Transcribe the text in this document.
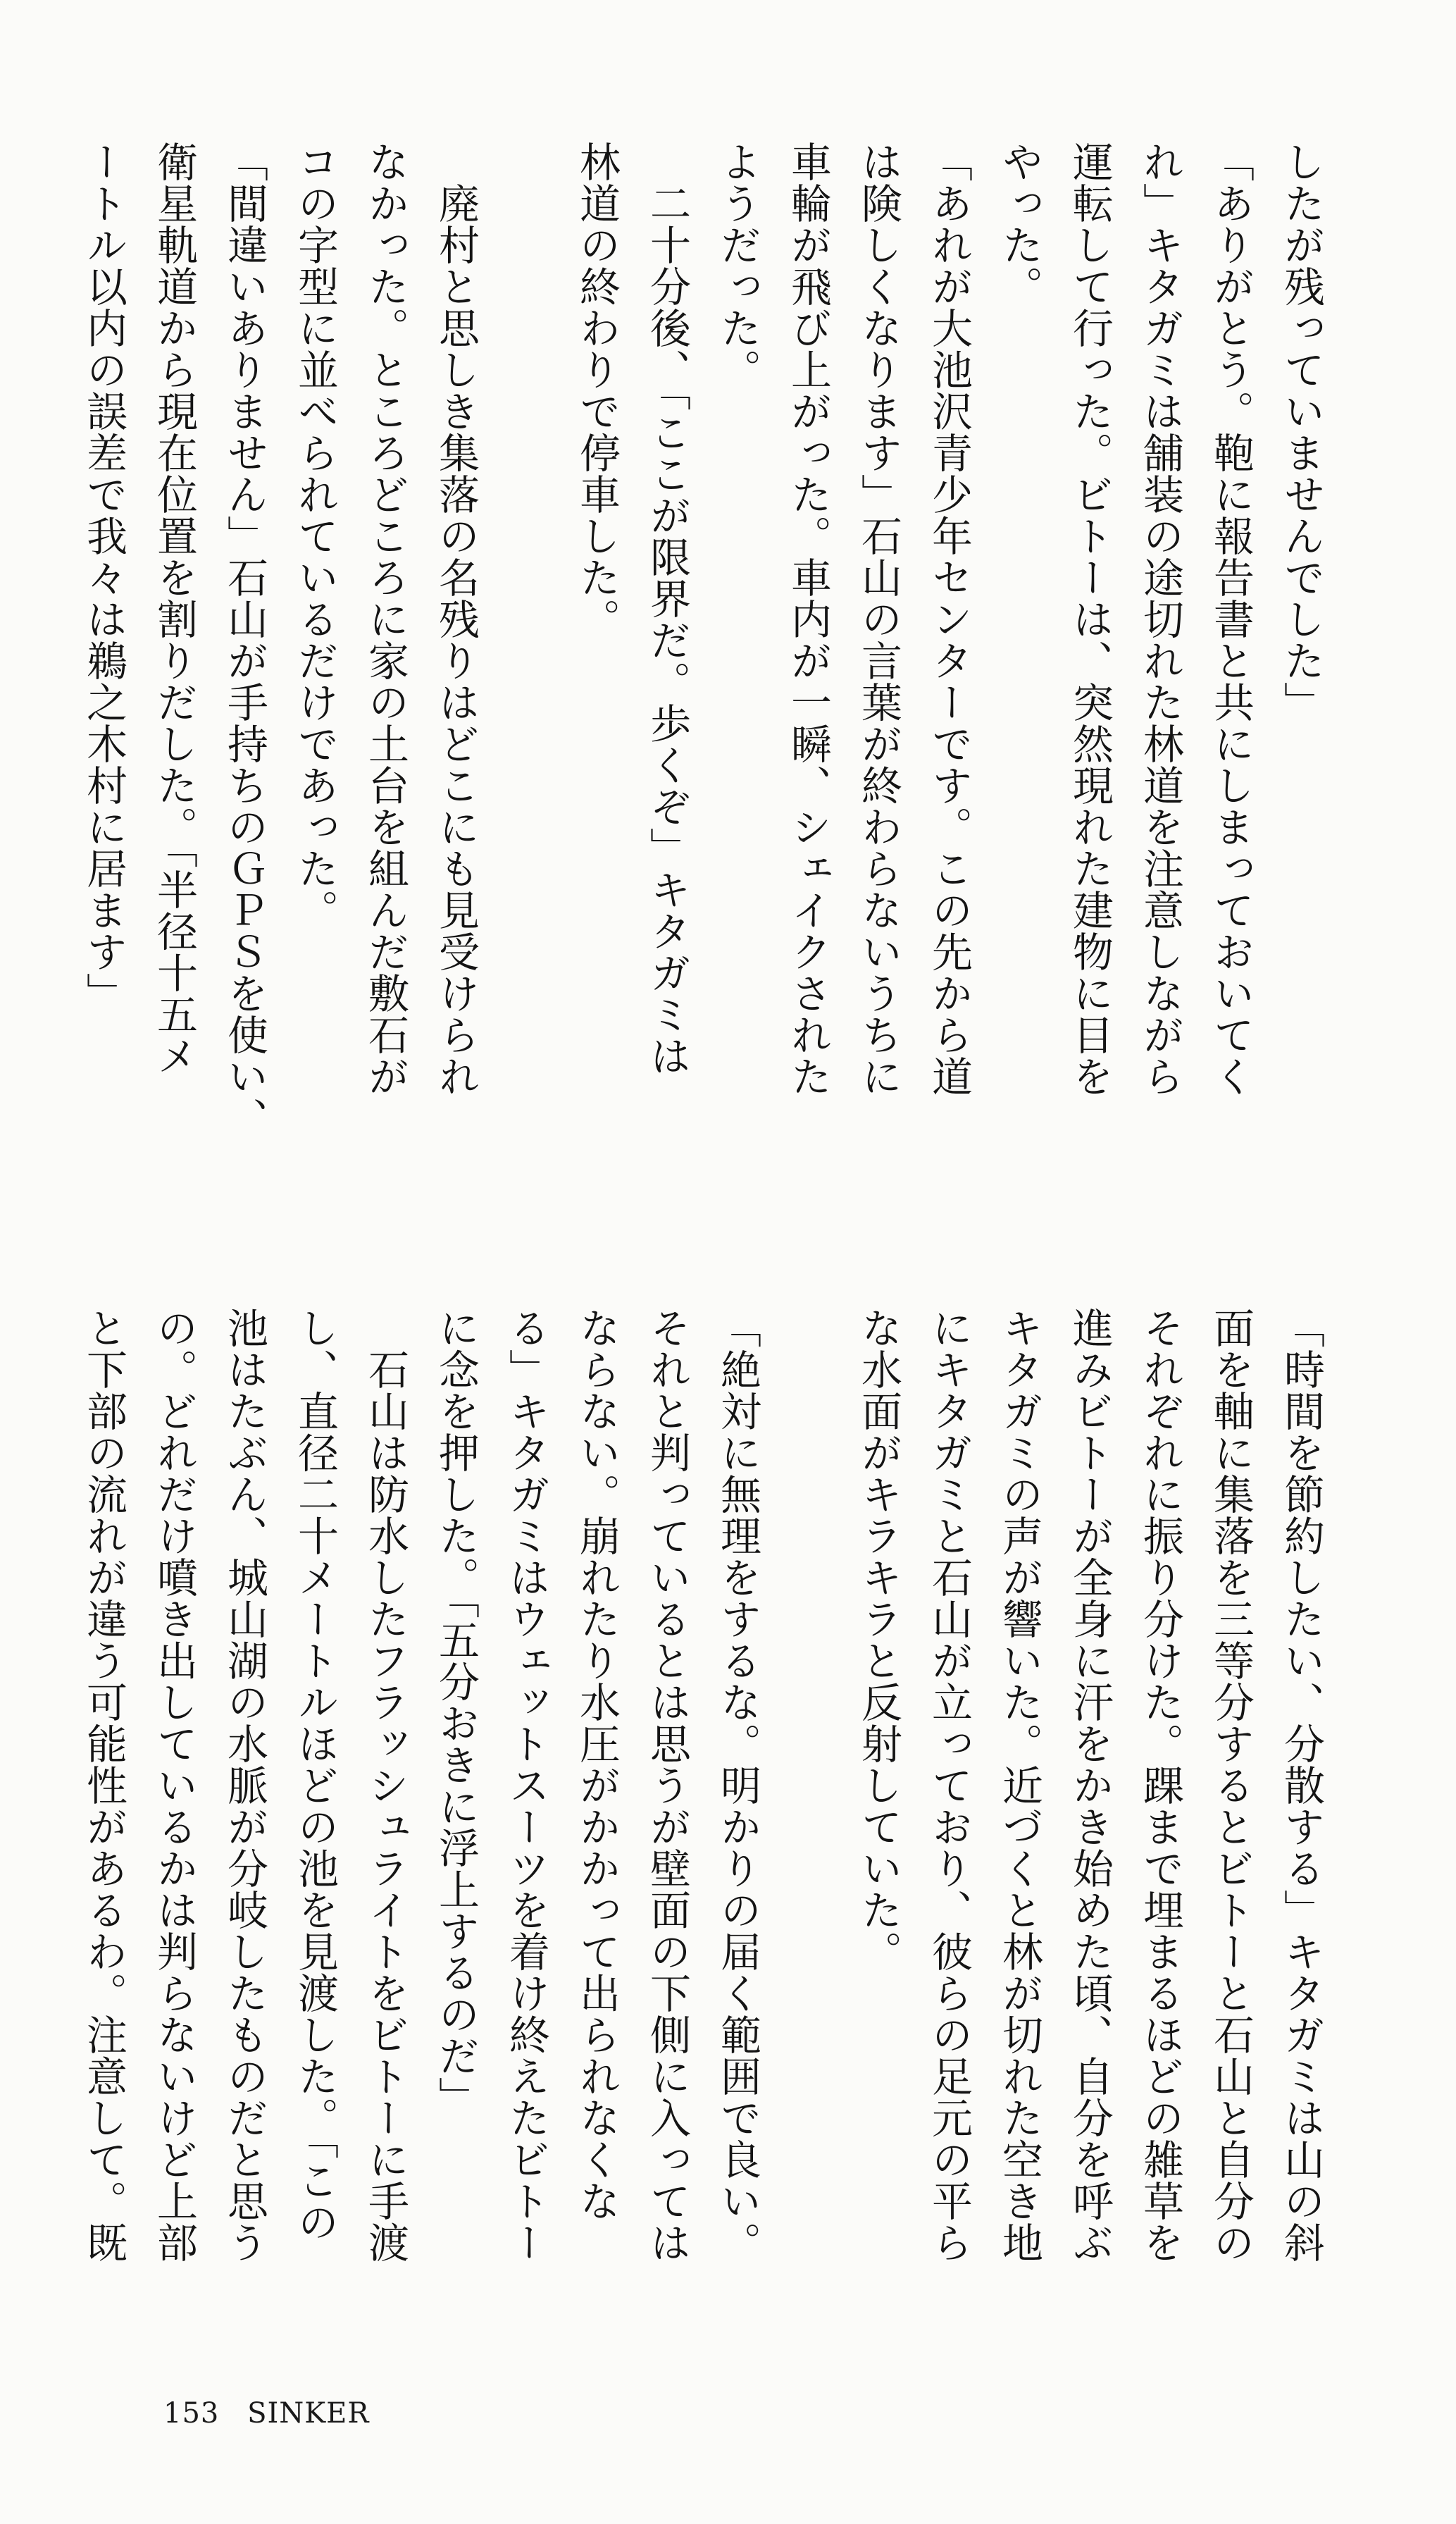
したが残っていませんでした」

「ありがとう。鞄に報告書と共にしまっておいてく

れ」キタガミは舗装の途切れた林道を注意しながら

運転して行った。ビトーは、突然現れた建物に目を

やった。

「あれが大池沢青少年センターです。この先から道

は険しくなります」石山の言葉が終わらないうちに

車輪が飛び上がった。車内が一瞬、シェイクされた

ようだった。

　二十分後、「ここが限界だ。歩くぞ」キタガミは

林道の終わりで停車した。

　廃村と思しき集落の名残りはどこにも見受けられ

なかった。ところどころに家の土台を組んだ敷石が

コの字型に並べられているだけであった。

「間違いありません」石山が手持ちのＧＰＳを使い、

衛星軌道から現在位置を割りだした。「半径十五メ

ートル以内の誤差で我々は鵜之木村に居ます」

「時間を節約したい、分散する」キタガミは山の斜

面を軸に集落を三等分するとビトーと石山と自分の

それぞれに振り分けた。踝まで埋まるほどの雑草を

進みビトーが全身に汗をかき始めた頃、自分を呼ぶ

キタガミの声が響いた。近づくと林が切れた空き地

にキタガミと石山が立っており、彼らの足元の平ら

な水面がキラキラと反射していた。

「絶対に無理をするな。明かりの届く範囲で良い。

それと判っているとは思うが壁面の下側に入っては

ならない。崩れたり水圧がかかって出られなくな

る」キタガミはウェットスーツを着け終えたビトー

に念を押した。「五分おきに浮上するのだ」

　石山は防水したフラッシュライトをビトーに手渡

し、直径二十メートルほどの池を見渡した。「この

池はたぶん、城山湖の水脈が分岐したものだと思う

の。どれだけ噴き出しているかは判らないけど上部

と下部の流れが違う可能性があるわ。注意して。既

153 SINKER
